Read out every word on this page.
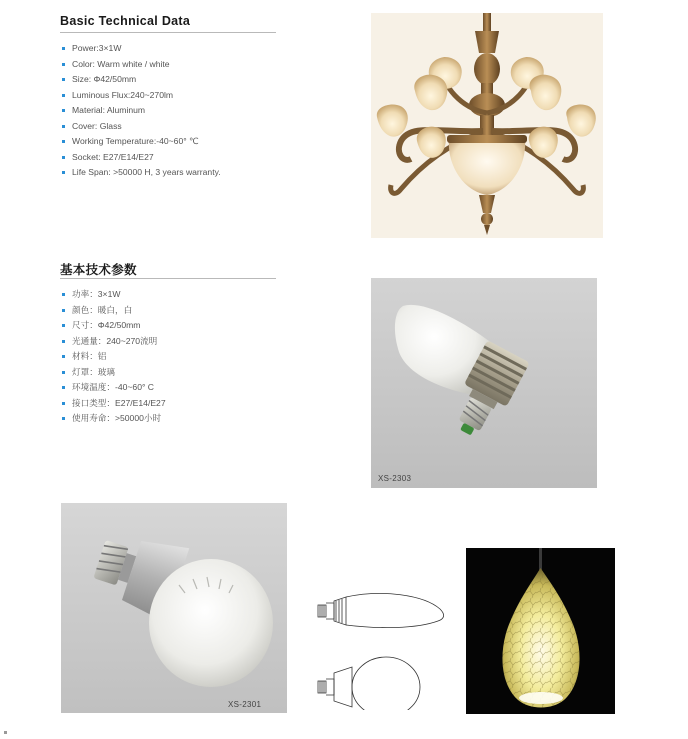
Basic Technical Data
Power:3×1W
Color: Warm white / white
Size: Φ42/50mm
Luminous Flux:240~270lm
Material: Aluminum
Cover: Glass
Working Temperature:-40~60° ℃
Socket: E27/E14/E27
Life Span: >50000 H, 3 years warranty.
基本技术参数
功率：3×1W
颜色：暖白，白
尺寸：Φ42/50mm
光通量：240~270流明
材料：铝
灯罩：玻璃
环境温度：-40~60° C
接口类型：E27/E14/E27
使用寿命：>50000小时
XS-2303
XS-2301
